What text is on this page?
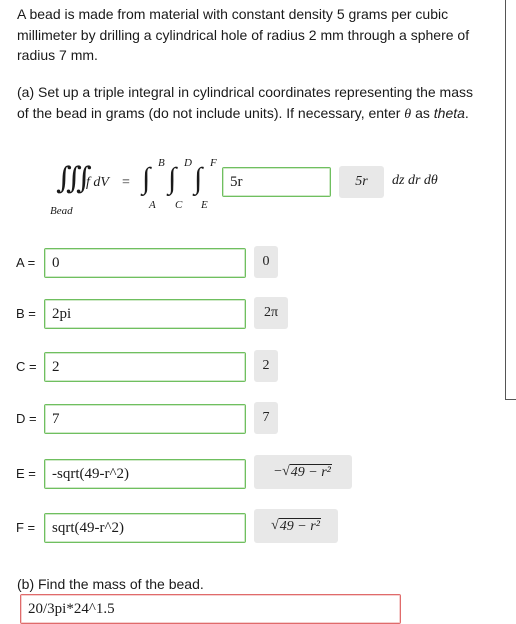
A bead is made from material with constant density 5 grams per cubic millimeter by drilling a cylindrical hole of radius 2 mm through a sphere of radius 7 mm.

(a) Set up a triple integral in cylindrical coordinates representing the mass of the bead in grams (do not include units). If necessary, enter θ as theta.

∭
f dV =
Bead
∫ B
A
∫ D
C
∫ F
E
5r	5r dz dr dθ
A = 0	0
B = 2pi	2π
C = 2	2
D = 7	7
E = -sqrt(49-r^2)	− √ 49 − r²
F = sqrt(49-r^2)	√ 49 − r²

(b) Find the mass of the bead.

20/3pi*24^1.5
